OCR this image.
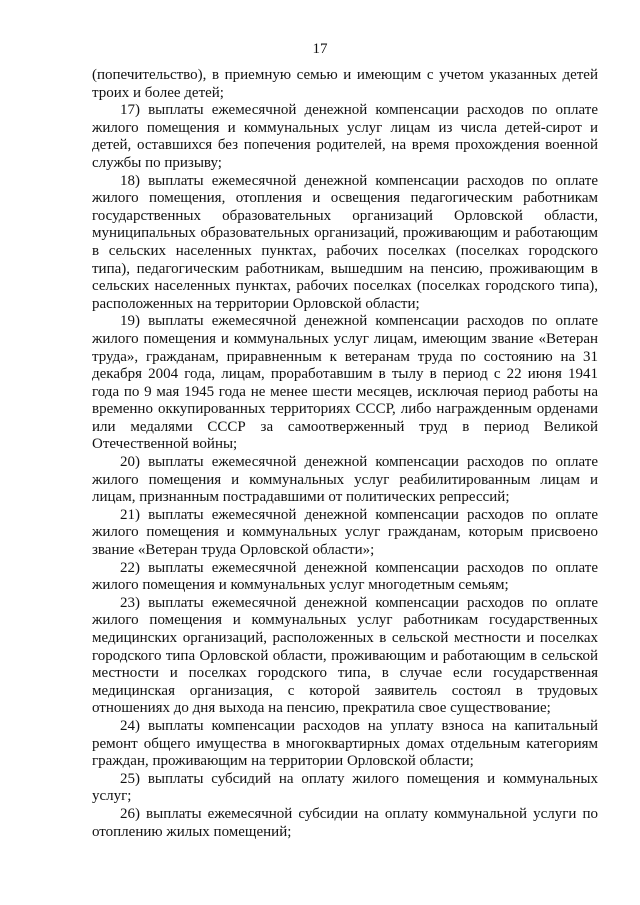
17

(попечительство), в приемную семью и имеющим с учетом указанных детей троих и более детей;

17) выплаты ежемесячной денежной компенсации расходов по оплате жилого помещения и коммунальных услуг лицам из числа детей-сирот и детей, оставшихся без попечения родителей, на время прохождения военной службы по призыву;

18) выплаты ежемесячной денежной компенсации расходов по оплате жилого помещения, отопления и освещения педагогическим работникам государственных образовательных организаций Орловской области, муниципальных образовательных организаций, проживающим и работающим в сельских населенных пунктах, рабочих поселках (поселках городского типа), педагогическим работникам, вышедшим на пенсию, проживающим в сельских населенных пунктах, рабочих поселках (поселках городского типа), расположенных на территории Орловской области;

19) выплаты ежемесячной денежной компенсации расходов по оплате жилого помещения и коммунальных услуг лицам, имеющим звание «Ветеран труда», гражданам, приравненным к ветеранам труда по состоянию на 31 декабря 2004 года, лицам, проработавшим в тылу в период с 22 июня 1941 года по 9 мая 1945 года не менее шести месяцев, исключая период работы на временно оккупированных территориях СССР, либо награжденным орденами или медалями СССР за самоотверженный труд в период Великой Отечественной войны;

20) выплаты ежемесячной денежной компенсации расходов по оплате жилого помещения и коммунальных услуг реабилитированным лицам и лицам, признанным пострадавшими от политических репрессий;

21) выплаты ежемесячной денежной компенсации расходов по оплате жилого помещения и коммунальных услуг гражданам, которым присвоено звание «Ветеран труда Орловской области»;

22) выплаты ежемесячной денежной компенсации расходов по оплате жилого помещения и коммунальных услуг многодетным семьям;

23) выплаты ежемесячной денежной компенсации расходов по оплате жилого помещения и коммунальных услуг работникам государственных медицинских организаций, расположенных в сельской местности и поселках городского типа Орловской области, проживающим и работающим в сельской местности и поселках городского типа, в случае если государственная медицинская организация, с которой заявитель состоял в трудовых отношениях до дня выхода на пенсию, прекратила свое существование;

24) выплаты компенсации расходов на уплату взноса на капитальный ремонт общего имущества в многоквартирных домах отдельным категориям граждан, проживающим на территории Орловской области;

25) выплаты субсидий на оплату жилого помещения и коммунальных услуг;

26) выплаты ежемесячной субсидии на оплату коммунальной услуги по отоплению жилых помещений;
